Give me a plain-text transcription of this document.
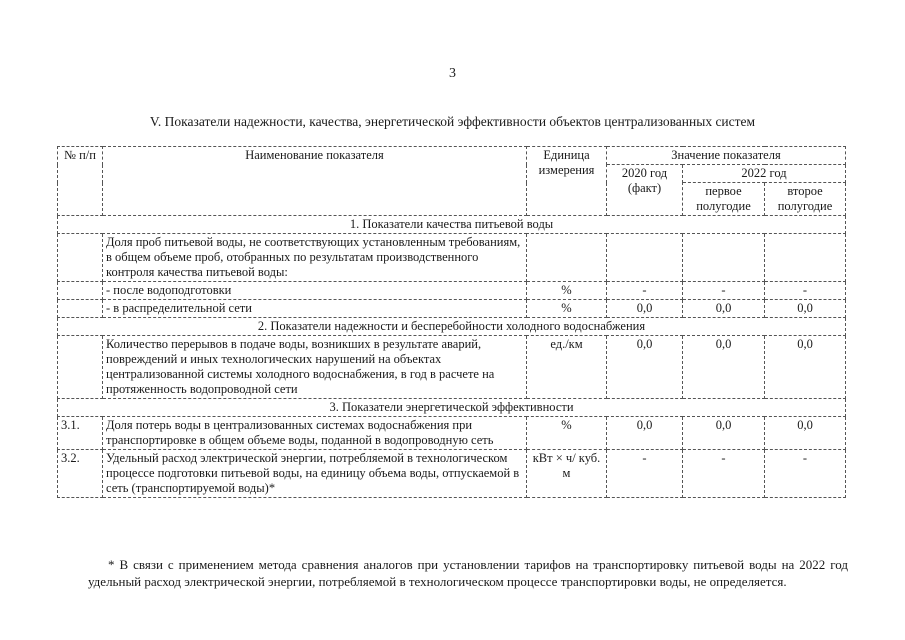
3
V. Показатели надежности, качества, энергетической эффективности объектов централизованных систем
№ п/п	Наименование показателя	Единица измерения	Значение показателя		
			2020 год (факт)	2022 год	
				первое полугодие	второе полугодие
1. Показатели качества питьевой воды					
	Доля проб питьевой воды, не соответствующих установленным требованиям, в общем объеме проб, отобранных по результатам производственного контроля качества питьевой воды:				
	- после водоподготовки	%	-	-	-
	- в распределительной сети	%	0,0	0,0	0,0
2. Показатели надежности и бесперебойности холодного водоснабжения					
	Количество перерывов в подаче воды, возникших в результате аварий, повреждений и иных технологических нарушений на объектах централизованной системы холодного водоснабжения, в год в расчете на протяженность водопроводной сети	ед./км	0,0	0,0	0,0
3. Показатели энергетической эффективности					
3.1.	Доля потерь воды в централизованных системах водоснабжения при транспортировке в общем объеме воды, поданной в водопроводную сеть	%	0,0	0,0	0,0
3.2.	Удельный расход электрической энергии, потребляемой в технологическом процессе подготовки питьевой воды, на единицу объема воды, отпускаемой в сеть (транспортируемой воды)*	кВт × ч/ куб. м	-	-	-
* В связи с применением метода сравнения аналогов при установлении тарифов на транспортировку питьевой воды на 2022 год удельный расход электрической энергии, потребляемой в технологическом процессе транспортировки воды, не определяется.
